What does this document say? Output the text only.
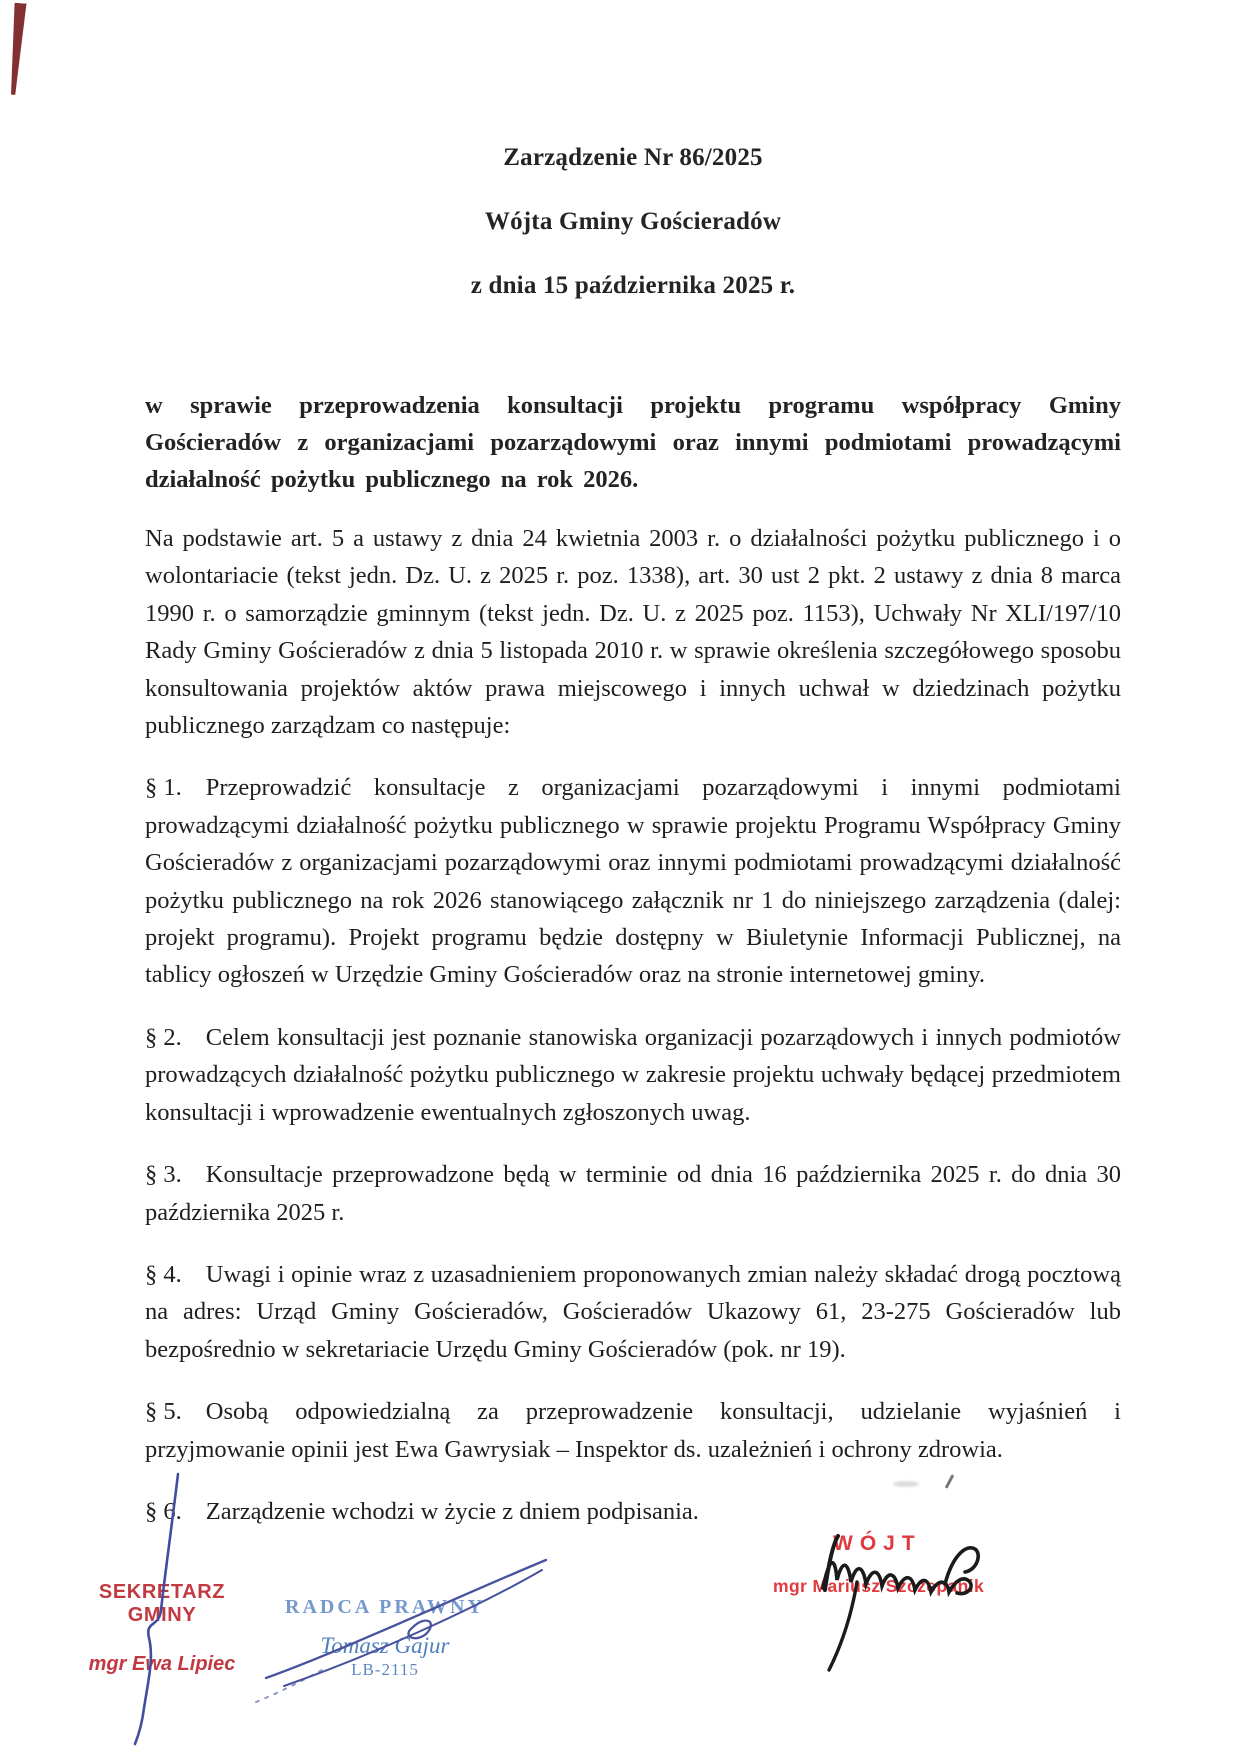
Zarządzenie Nr 86/2025
Wójta Gminy Gościeradów
z dnia 15 października 2025 r.
w sprawie przeprowadzenia konsultacji projektu programu współpracy Gminy Gościeradów z organizacjami pozarządowymi oraz innymi podmiotami prowadzącymi działalność pożytku publicznego na rok 2026.
Na podstawie art. 5 a ustawy z dnia 24 kwietnia 2003 r. o działalności pożytku publicznego i o wolontariacie (tekst jedn. Dz. U. z 2025 r. poz. 1338), art. 30 ust 2 pkt. 2 ustawy z dnia 8 marca 1990 r. o samorządzie gminnym (tekst jedn. Dz. U. z 2025 poz. 1153), Uchwały Nr XLI/197/10 Rady Gminy Gościeradów z dnia 5 listopada 2010 r. w sprawie określenia szczegółowego sposobu konsultowania projektów aktów prawa miejscowego i innych uchwał w dziedzinach pożytku publicznego zarządzam co następuje:
§ 1. Przeprowadzić konsultacje z organizacjami pozarządowymi i innymi podmiotami prowadzącymi działalność pożytku publicznego w sprawie projektu Programu Współpracy Gminy Gościeradów z organizacjami pozarządowymi oraz innymi podmiotami prowadzącymi działalność pożytku publicznego na rok 2026 stanowiącego załącznik nr 1 do niniejszego zarządzenia (dalej: projekt programu). Projekt programu będzie dostępny w Biuletynie Informacji Publicznej, na tablicy ogłoszeń w Urzędzie Gminy Gościeradów oraz na stronie internetowej gminy.
§ 2. Celem konsultacji jest poznanie stanowiska organizacji pozarządowych i innych podmiotów prowadzących działalność pożytku publicznego w zakresie projektu uchwały będącej przedmiotem konsultacji i wprowadzenie ewentualnych zgłoszonych uwag.
§ 3. Konsultacje przeprowadzone będą w terminie od dnia 16 października 2025 r. do dnia 30 października 2025 r.
§ 4. Uwagi i opinie wraz z uzasadnieniem proponowanych zmian należy składać drogą pocztową na adres: Urząd Gminy Gościeradów, Gościeradów Ukazowy 61, 23-275 Gościeradów lub bezpośrednio w sekretariacie Urzędu Gminy Gościeradów (pok. nr 19).
§ 5. Osobą odpowiedzialną za przeprowadzenie konsultacji, udzielanie wyjaśnień i przyjmowanie opinii jest Ewa Gawrysiak – Inspektor ds. uzależnień i ochrony zdrowia.
§ 6. Zarządzenie wchodzi w życie z dniem podpisania.
SEKRETARZ GMINY
mgr Ewa Lipiec
RADCA PRAWNY
Tomasz Gajur
LB-2115
WÓJT
mgr Mariusz Szczepanik
